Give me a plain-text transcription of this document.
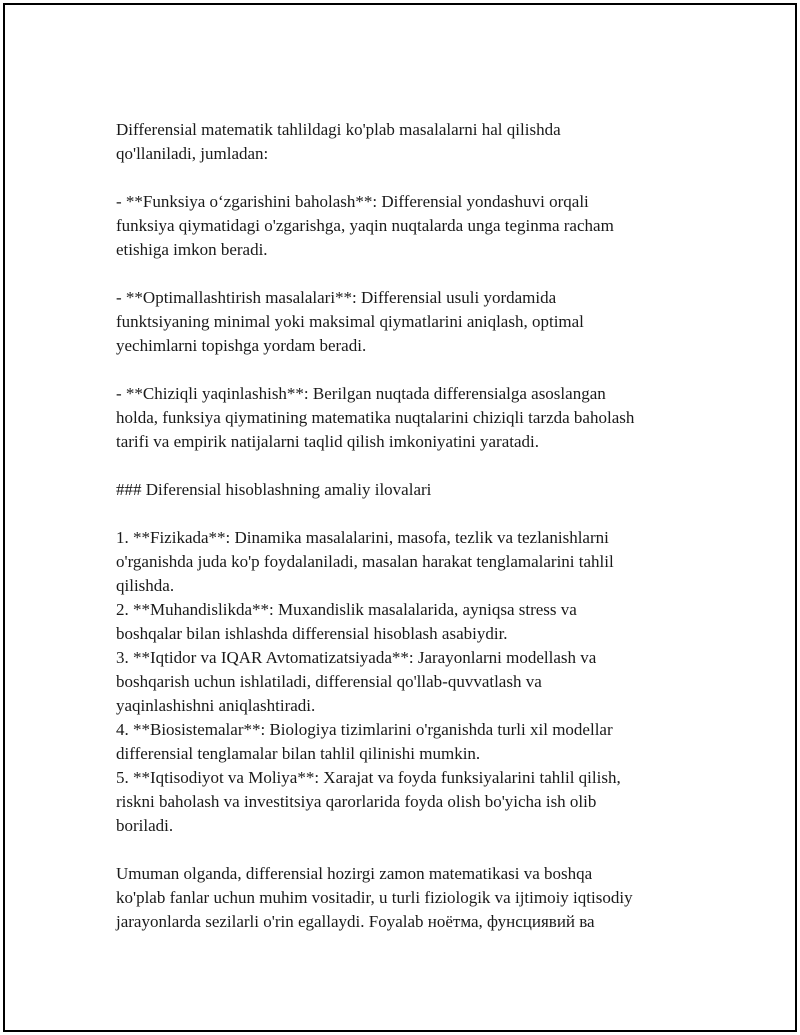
Differensial matematik tahlildagi ko'plab masalalarni hal qilishda
qo'llaniladi, jumladan:
- **Funksiya o‘zgarishini baholash**: Differensial yondashuvi orqali
funksiya qiymatidagi o'zgarishga, yaqin nuqtalarda unga teginma racham
etishiga imkon beradi.
- **Optimallashtirish masalalari**: Differensial usuli yordamida
funktsiyaning minimal yoki maksimal qiymatlarini aniqlash, optimal
yechimlarni topishga yordam beradi.
- **Chiziqli yaqinlashish**: Berilgan nuqtada differensialga asoslangan
holda, funksiya qiymatining matematika nuqtalarini chiziqli tarzda baholash
tarifi va empirik natijalarni taqlid qilish imkoniyatini yaratadi.
### Diferensial hisoblashning amaliy ilovalari
1. **Fizikada**: Dinamika masalalarini, masofa, tezlik va tezlanishlarni
o'rganishda juda ko'p foydalaniladi, masalan harakat tenglamalarini tahlil
qilishda.
2. **Muhandislikda**: Muxandislik masalalarida, ayniqsa stress va
boshqalar bilan ishlashda differensial hisoblash asabiydir.
3. **Iqtidor va IQAR Avtomatizatsiyada**: Jarayonlarni modellash va
boshqarish uchun ishlatiladi, differensial qo'llab-quvvatlash va
yaqinlashishni aniqlashtiradi.
4. **Biosistemalar**: Biologiya tizimlarini o'rganishda turli xil modellar
differensial tenglamalar bilan tahlil qilinishi mumkin.
5. **Iqtisodiyot va Moliya**: Xarajat va foyda funksiyalarini tahlil qilish,
riskni baholash va investitsiya qarorlarida foyda olish bo'yicha ish olib
boriladi.
Umuman olganda, differensial hozirgi zamon matematikasi va boshqa
ko'plab fanlar uchun muhim vositadir, u turli fiziologik va ijtimoiy iqtisodiy
jarayonlarda sezilarli o'rin egallaydi. Foyalab ноётма, фунсциявий ва
